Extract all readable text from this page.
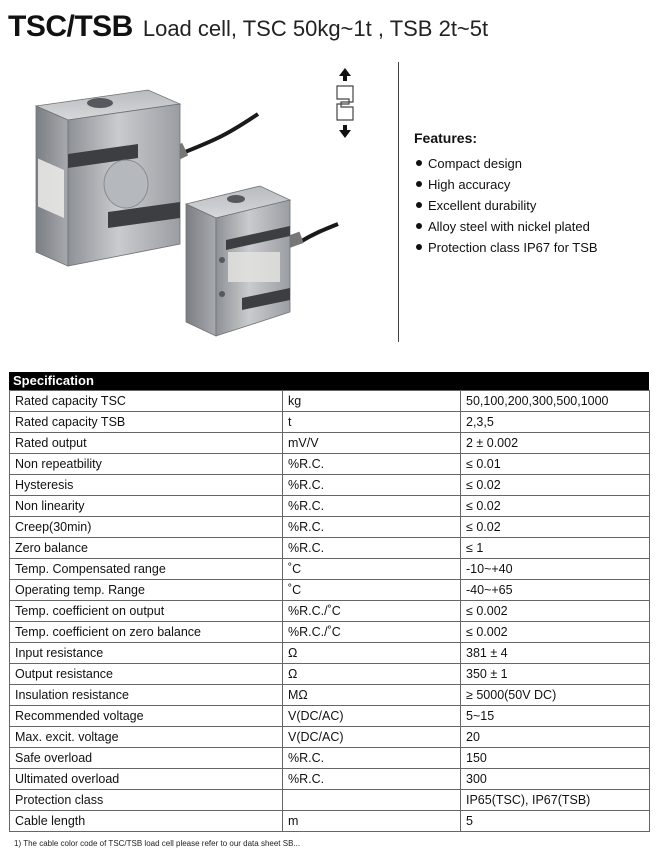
TSC/TSB Load cell, TSC 50kg~1t , TSB 2t~5t
Features:
Compact design
High accuracy
Excellent durability
Alloy steel with nickel plated
Protection class IP67 for TSB
Specification
Rated capacity TSC	kg	50,100,200,300,500,1000
Rated capacity TSB	t	2,3,5
Rated output	mV/V	2 ± 0.002
Non repeatbility	%R.C.	≤ 0.01
Hysteresis	%R.C.	≤ 0.02
Non linearity	%R.C.	≤ 0.02
Creep(30min)	%R.C.	≤ 0.02
Zero balance	%R.C.	≤ 1
Temp. Compensated range	˚C	-10~+40
Operating temp. Range	˚C	-40~+65
Temp. coefficient on output	%R.C./˚C	≤ 0.002
Temp. coefficient on zero balance	%R.C./˚C	≤ 0.002
Input resistance	Ω	381 ± 4
Output resistance	Ω	350 ± 1
Insulation resistance	MΩ	≥ 5000(50V DC)
Recommended voltage	V(DC/AC)	5~15
Max. excit. voltage	V(DC/AC)	20
Safe overload	%R.C.	150
Ultimated overload	%R.C.	300
Protection class		IP65(TSC), IP67(TSB)
Cable length	m	5
1) The cable color code of TSC/TSB load cell please refer to our data sheet SB...
